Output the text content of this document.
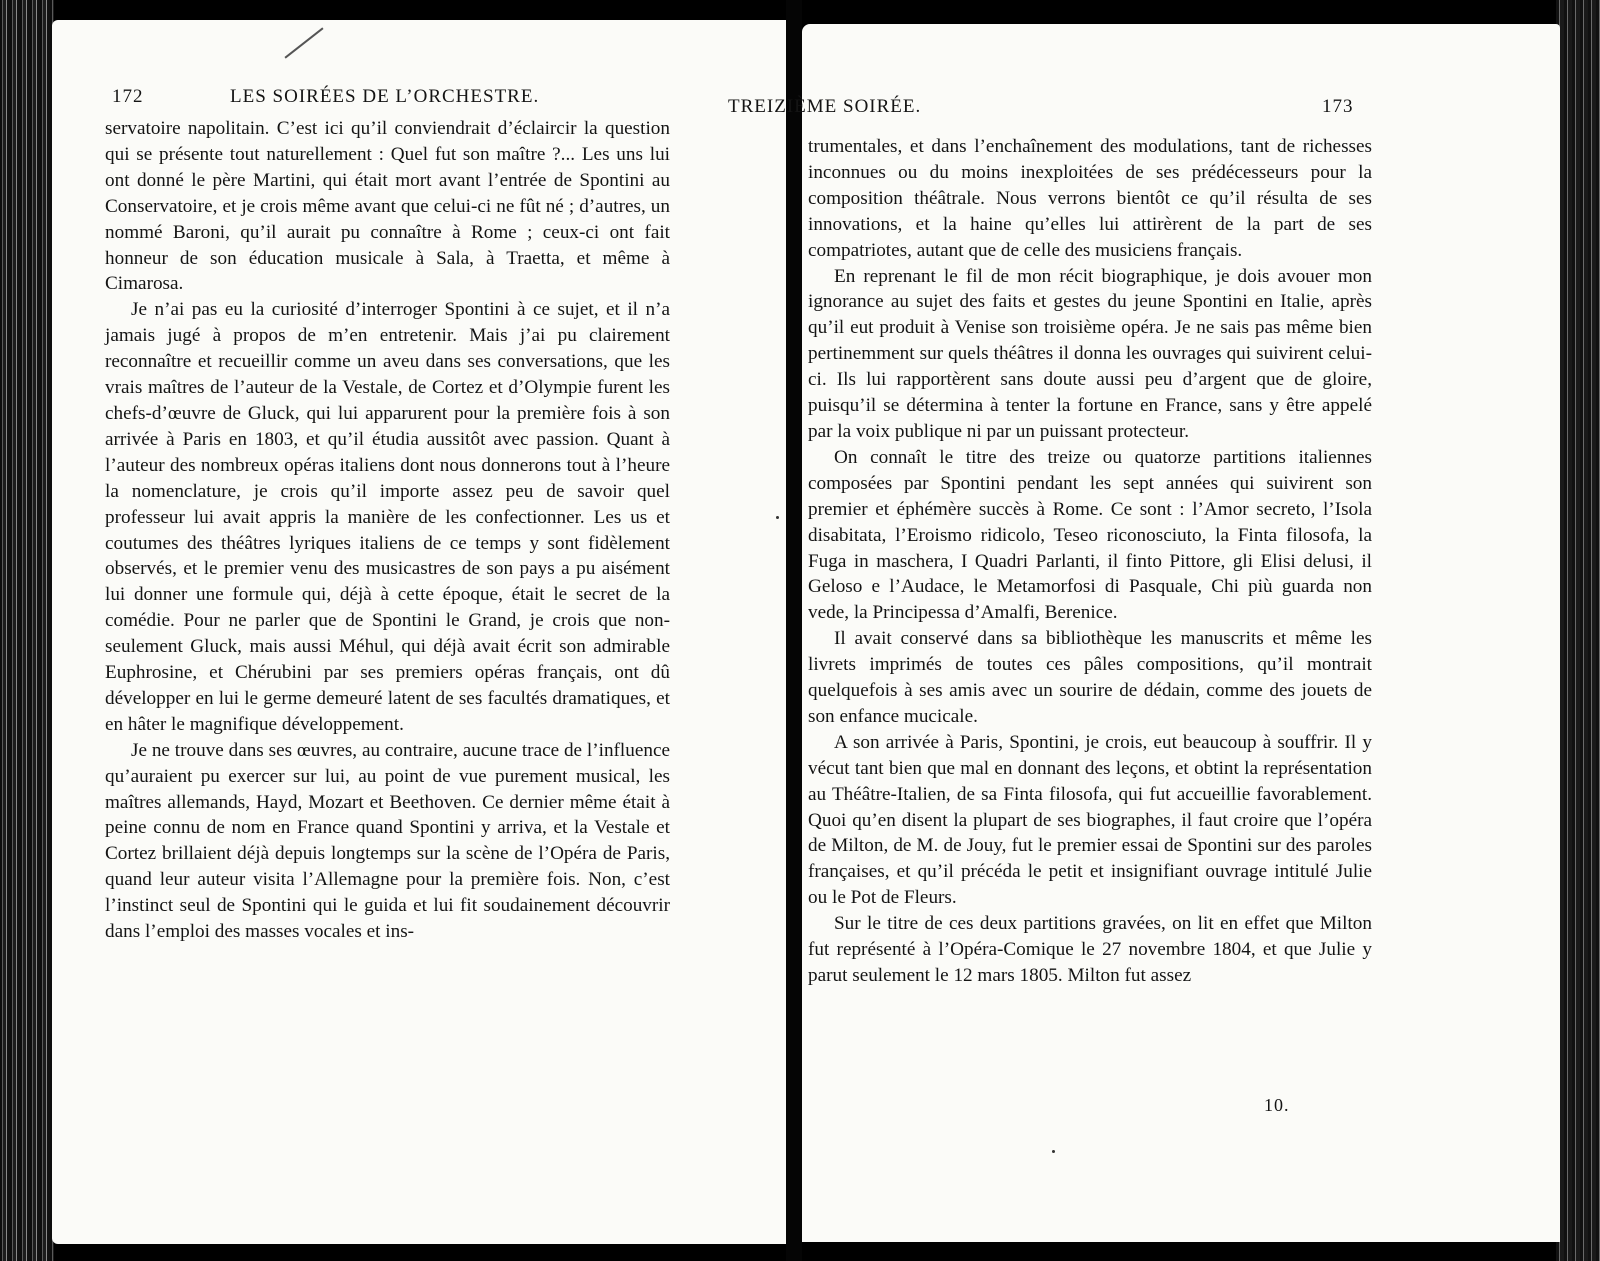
172	LES SOIRÉES DE L’ORCHESTRE.	TREIZIÈME SOIRÉE.	173

servatoire napolitain. C’est ici qu’il conviendrait d’éclaircir la question qui se présente tout naturellement : Quel fut son maître ?... Les uns lui ont donné le père Martini, qui était mort avant l’entrée de Spontini au Conservatoire, et je crois même avant que celui-ci ne fût né ; d’autres, un nommé Baroni, qu’il aurait pu connaître à Rome ; ceux-ci ont fait honneur de son éducation musicale à Sala, à Traetta, et même à Cimarosa.

Je n’ai pas eu la curiosité d’interroger Spontini à ce sujet, et il n’a jamais jugé à propos de m’en entretenir. Mais j’ai pu clairement reconnaître et recueillir comme un aveu dans ses conversations, que les vrais maîtres de l’auteur de la Vestale, de Cortez et d’Olympie furent les chefs-d’œuvre de Gluck, qui lui apparurent pour la première fois à son arrivée à Paris en 1803, et qu’il étudia aussitôt avec passion. Quant à l’auteur des nombreux opéras italiens dont nous donnerons tout à l’heure la nomenclature, je crois qu’il importe assez peu de savoir quel professeur lui avait appris la manière de les confectionner. Les us et coutumes des théâtres lyriques italiens de ce temps y sont fidèlement observés, et le premier venu des musicastres de son pays a pu aisément lui donner une formule qui, déjà à cette époque, était le secret de la comédie. Pour ne parler que de Spontini le Grand, je crois que non-seulement Gluck, mais aussi Méhul, qui déjà avait écrit son admirable Euphrosine, et Chérubini par ses premiers opéras français, ont dû développer en lui le germe demeuré latent de ses facultés dramatiques, et en hâter le magnifique développement.

Je ne trouve dans ses œuvres, au contraire, aucune trace de l’influence qu’auraient pu exercer sur lui, au point de vue purement musical, les maîtres allemands, Hayd, Mozart et Beethoven. Ce dernier même était à peine connu de nom en France quand Spontini y arriva, et la Vestale et Cortez brillaient déjà depuis longtemps sur la scène de l’Opéra de Paris, quand leur auteur visita l’Allemagne pour la première fois. Non, c’est l’instinct seul de Spontini qui le guida et lui fit soudainement découvrir dans l’emploi des masses vocales et ins-

trumentales, et dans l’enchaînement des modulations, tant de richesses inconnues ou du moins inexploitées de ses prédécesseurs pour la composition théâtrale. Nous verrons bientôt ce qu’il résulta de ses innovations, et la haine qu’elles lui attirèrent de la part de ses compatriotes, autant que de celle des musiciens français.

En reprenant le fil de mon récit biographique, je dois avouer mon ignorance au sujet des faits et gestes du jeune Spontini en Italie, après qu’il eut produit à Venise son troisième opéra. Je ne sais pas même bien pertinemment sur quels théâtres il donna les ouvrages qui suivirent celui-ci. Ils lui rapportèrent sans doute aussi peu d’argent que de gloire, puisqu’il se détermina à tenter la fortune en France, sans y être appelé par la voix publique ni par un puissant protecteur.

On connaît le titre des treize ou quatorze partitions italiennes composées par Spontini pendant les sept années qui suivirent son premier et éphémère succès à Rome. Ce sont : l’Amor secreto, l’Isola disabitata, l’Eroismo ridicolo, Teseo riconosciuto, la Finta filosofa, la Fuga in maschera, I Quadri Parlanti, il finto Pittore, gli Elisi delusi, il Geloso e l’Audace, le Metamorfosi di Pasquale, Chi più guarda non vede, la Principessa d’Amalfi, Berenice.

Il avait conservé dans sa bibliothèque les manuscrits et même les livrets imprimés de toutes ces pâles compositions, qu’il montrait quelquefois à ses amis avec un sourire de dédain, comme des jouets de son enfance mucicale.

A son arrivée à Paris, Spontini, je crois, eut beaucoup à souffrir. Il y vécut tant bien que mal en donnant des leçons, et obtint la représentation au Théâtre-Italien, de sa Finta filosofa, qui fut accueillie favorablement. Quoi qu’en disent la plupart de ses biographes, il faut croire que l’opéra de Milton, de M. de Jouy, fut le premier essai de Spontini sur des paroles françaises, et qu’il précéda le petit et insignifiant ouvrage intitulé Julie ou le Pot de Fleurs.

Sur le titre de ces deux partitions gravées, on lit en effet que Milton fut représenté à l’Opéra-Comique le 27 novembre 1804, et que Julie y parut seulement le 12 mars 1805. Milton fut assez

10.
